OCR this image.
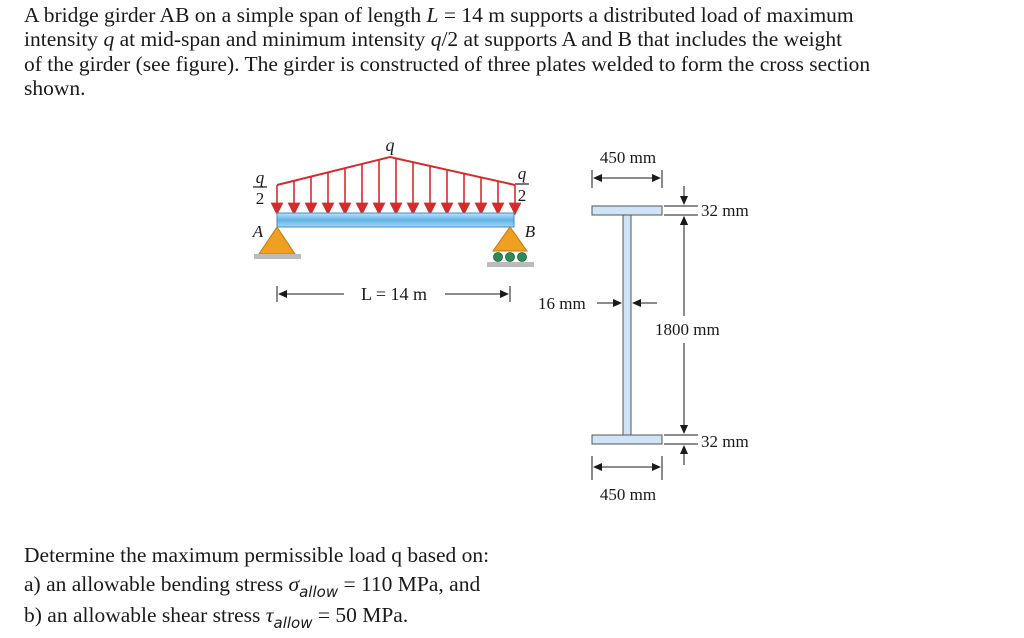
A bridge girder AB on a simple span of length L = 14 m supports a distributed load of maximum
intensity q at mid-span and minimum intensity q/2 at supports A and B that includes the weight
of the girder (see figure). The girder is constructed of three plates welded to form the cross section
shown.
q
q
2
q
2
A	B
L = 14 m
450 mm
32 mm
16 mm
1800 mm
32 mm
450 mm
Determine the maximum permissible load q based on:
a) an allowable bending stress $\sigma_{allow} = 110$ MPa, and
b) an allowable shear stress $\tau_{allow} = 50$ MPa.
